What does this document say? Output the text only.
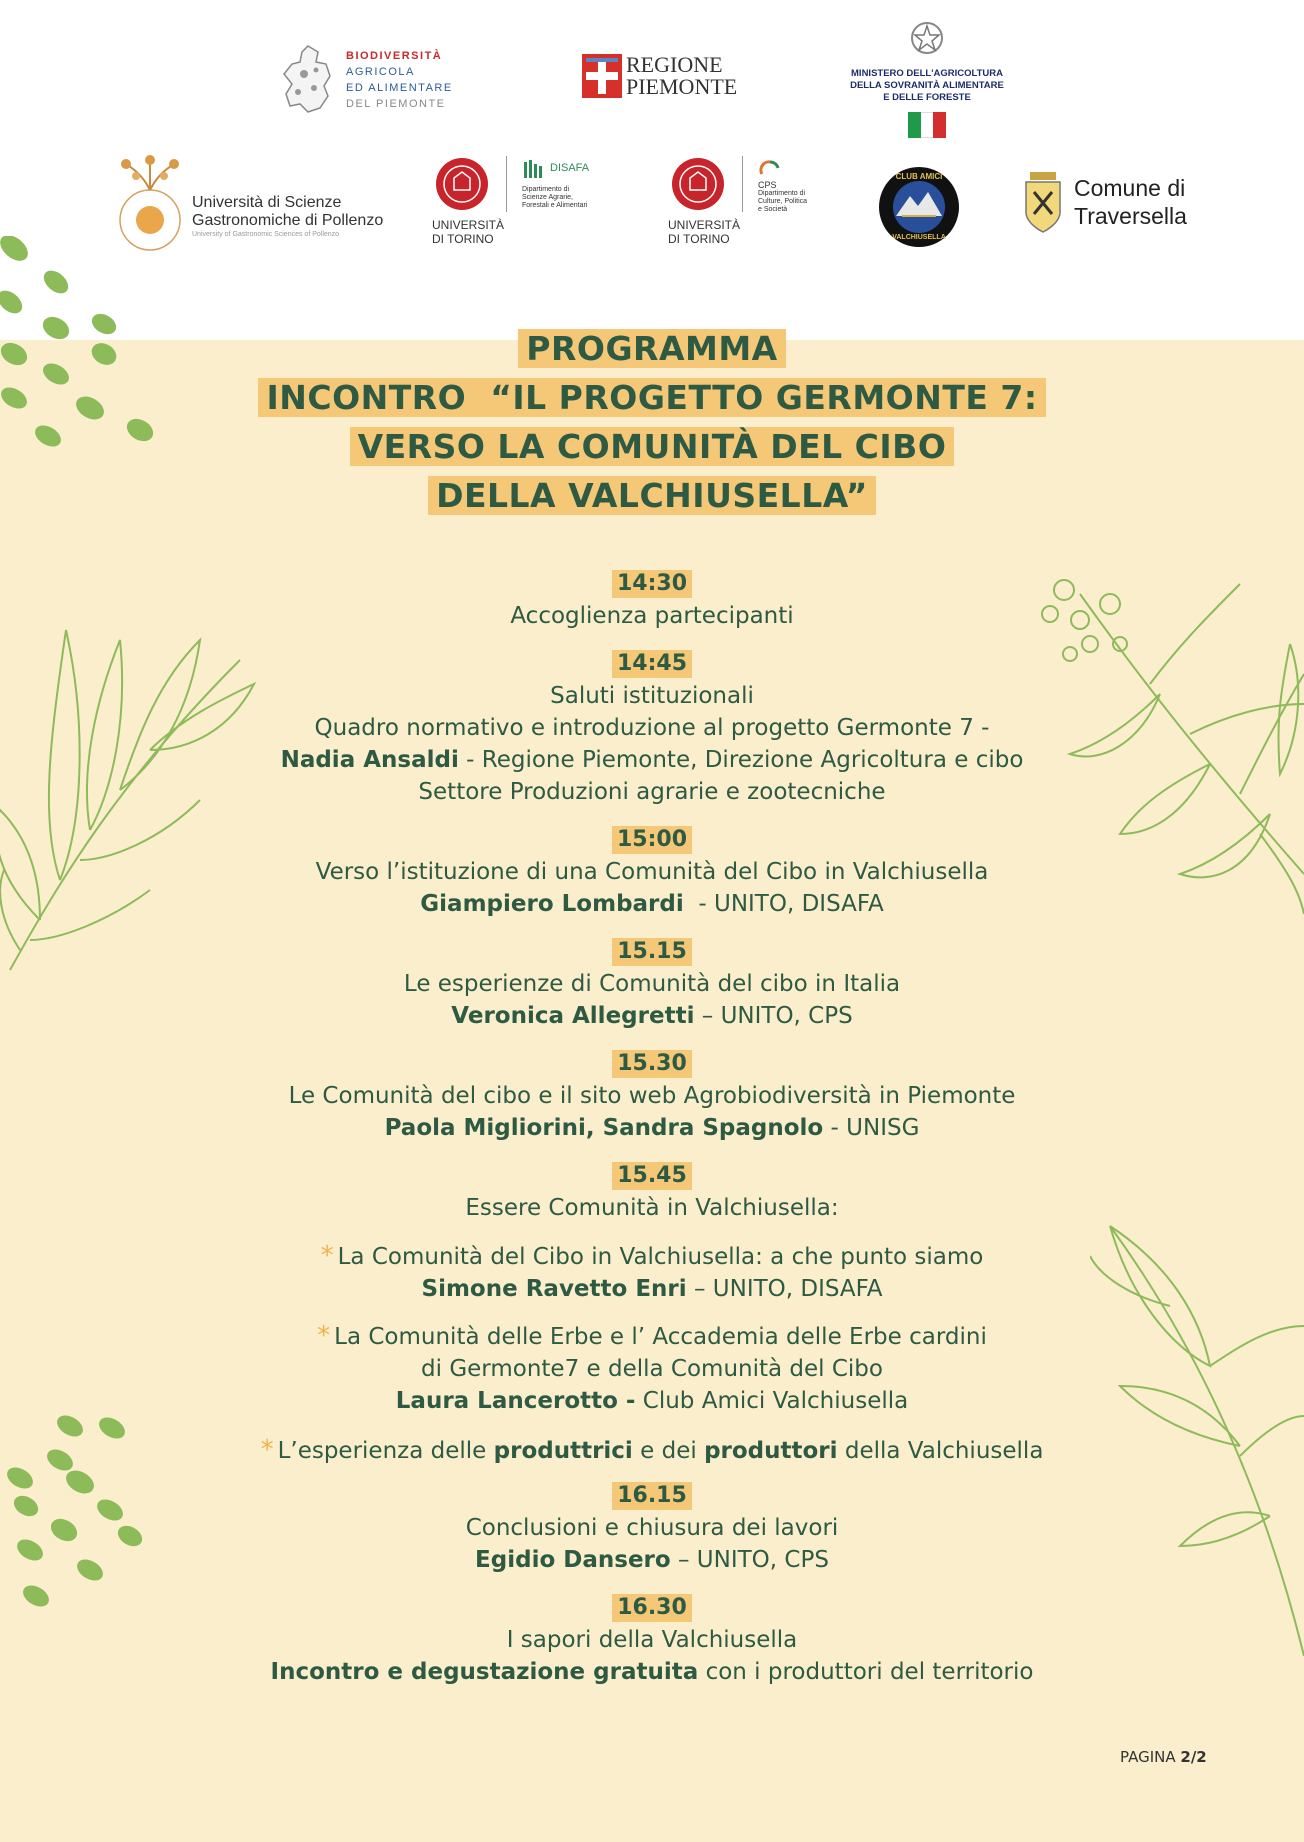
BIODIVERSITÀ
AGRICOLA
ED ALIMENTARE
DEL PIEMONTE
REGIONE
PIEMONTE
MINISTERO DELL'AGRICOLTURA
DELLA SOVRANITÀ ALIMENTARE
E DELLE FORESTE
Università di Scienze
Gastronomiche di Pollenzo
University of Gastronomic Sciences of Pollenzo
UNIVERSITÀ
DI TORINO
DISAFA
Dipartimento di
Scienze Agrarie,
Forestali e Alimentari
UNIVERSITÀ
DI TORINO
CPS
Dipartimento di
Culture, Politica
e Società
CLUB AMICI
VALCHIUSELLA
Comune di
Traversella
PROGRAMMA
INCONTRO  “IL PROGETTO GERMONTE 7:
VERSO LA COMUNITÀ DEL CIBO
DELLA VALCHIUSELLA”
14:30
Accoglienza partecipanti
14:45
Saluti istituzionali
Quadro normativo e introduzione al progetto Germonte 7 -
Nadia Ansaldi - Regione Piemonte, Direzione Agricoltura e cibo
Settore Produzioni agrarie e zootecniche
15:00
Verso l’istituzione di una Comunità del Cibo in Valchiusella
Giampiero Lombardi  - UNITO, DISAFA
15.15
Le esperienze di Comunità del cibo in Italia
Veronica Allegretti – UNITO, CPS
15.30
Le Comunità del cibo e il sito web Agrobiodiversità in Piemonte
Paola Migliorini, Sandra Spagnolo - UNISG
15.45
Essere Comunità in Valchiusella:
* La Comunità del Cibo in Valchiusella: a che punto siamo
Simone Ravetto Enri – UNITO, DISAFA
* La Comunità delle Erbe e l’ Accademia delle Erbe cardini
di Germonte7 e della Comunità del Cibo
Laura Lancerotto - Club Amici Valchiusella
* L’esperienza delle produttrici e dei produttori della Valchiusella
16.15
Conclusioni e chiusura dei lavori
Egidio Dansero – UNITO, CPS
16.30
I sapori della Valchiusella
Incontro e degustazione gratuita con i produttori del territorio
PAGINA 2/2
